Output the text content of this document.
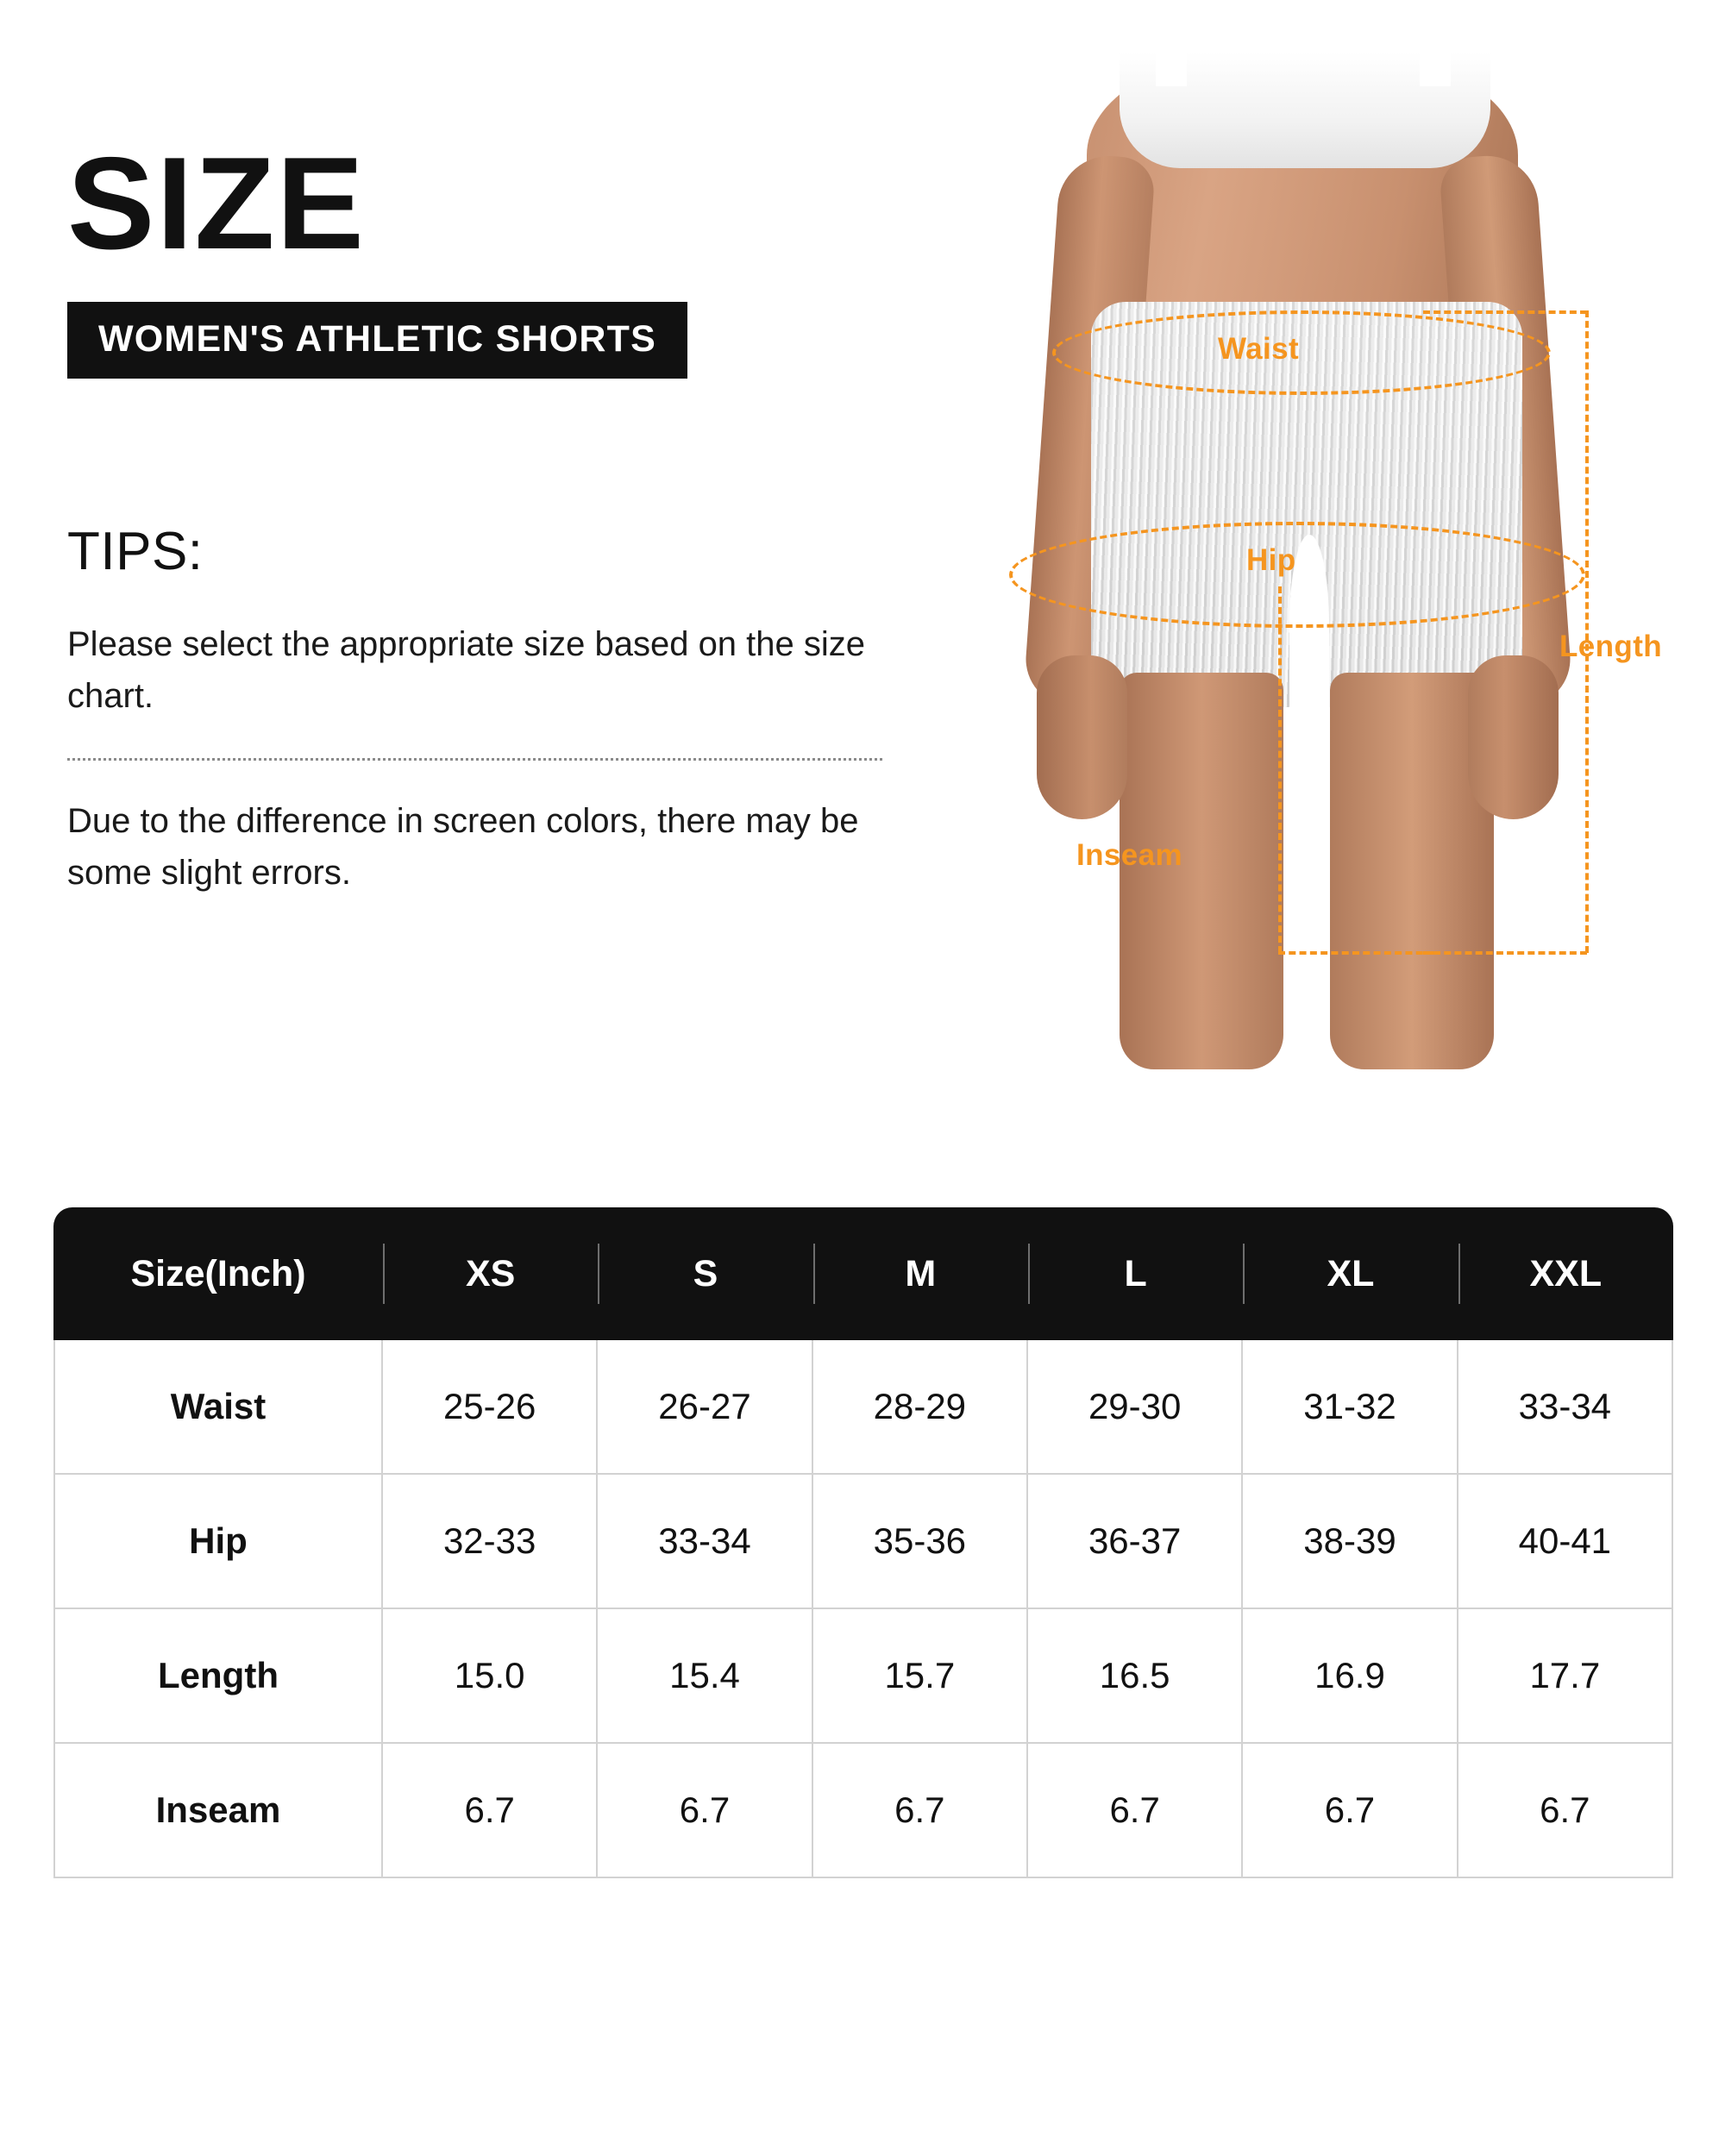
SIZE
WOMEN'S ATHLETIC SHORTS
TIPS:

Please select the appropriate size based on the size chart.

Due to the difference in screen colors, there may be some slight errors.

Waist
Hip
Length
Inseam
Size(Inch)	XS	S	M	L	XL	XXL
Waist	25-26	26-27	28-29	29-30	31-32	33-34
Hip	32-33	33-34	35-36	36-37	38-39	40-41
Length	15.0	15.4	15.7	16.5	16.9	17.7
Inseam	6.7	6.7	6.7	6.7	6.7	6.7
